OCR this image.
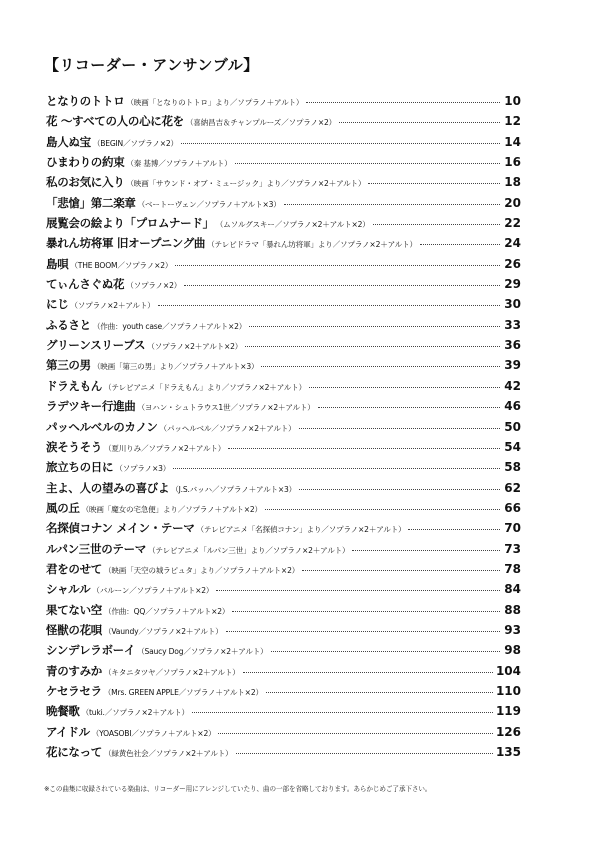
【リコーダー・アンサンブル】
となりのトトロ （映画「となりのトトロ」より／ソプラノ＋アルト）	10
花 〜すべての人の心に花を （喜納昌吉＆チャンプルーズ／ソプラノ×2）	12
島人ぬ宝 （BEGIN／ソプラノ×2）	14
ひまわりの約束 （秦 基博／ソプラノ＋アルト）	16
私のお気に入り （映画「サウンド・オブ・ミュージック」より／ソプラノ×2＋アルト）	18
「悲愴」第二楽章 （ベートーヴェン／ソプラノ＋アルト×3）	20
展覧会の絵より「プロムナード」 （ムソルグスキー／ソプラノ×2＋アルト×2）	22
暴れん坊将軍 旧オープニング曲 （テレビドラマ「暴れん坊将軍」より／ソプラノ×2＋アルト）	24
島唄 （THE BOOM／ソプラノ×2）	26
てぃんさぐぬ花 （ソプラノ×2）	29
にじ （ソプラノ×2＋アルト）	30
ふるさと （作曲：youth case／ソプラノ＋アルト×2）	33
グリーンスリーブス （ソプラノ×2＋アルト×2）	36
第三の男 （映画「第三の男」より／ソプラノ＋アルト×3）	39
ドラえもん （テレビアニメ「ドラえもん」より／ソプラノ×2＋アルト）	42
ラデツキー行進曲 （ヨハン・シュトラウス1世／ソプラノ×2＋アルト）	46
パッヘルベルのカノン （パッヘルベル／ソプラノ×2＋アルト）	50
涙そうそう （夏川りみ／ソプラノ×2＋アルト）	54
旅立ちの日に （ソプラノ×3）	58
主よ、人の望みの喜びよ （J.S.バッハ／ソプラノ＋アルト×3）	62
風の丘 （映画「魔女の宅急便」より／ソプラノ＋アルト×2）	66
名探偵コナン メイン・テーマ （テレビアニメ「名探偵コナン」より／ソプラノ×2＋アルト）	70
ルパン三世のテーマ （テレビアニメ「ルパン三世」より／ソプラノ×2＋アルト）	73
君をのせて （映画「天空の城ラピュタ」より／ソプラノ＋アルト×2）	78
シャルル （バルーン／ソプラノ＋アルト×2）	84
果てない空 （作曲：QQ／ソプラノ＋アルト×2）	88
怪獣の花唄 （Vaundy／ソプラノ×2＋アルト）	93
シンデレラボーイ （Saucy Dog／ソプラノ×2＋アルト）	98
青のすみか （キタニタツヤ／ソプラノ×2＋アルト）	104
ケセラセラ （Mrs. GREEN APPLE／ソプラノ＋アルト×2）	110
晩餐歌 （tuki.／ソプラノ×2＋アルト）	119
アイドル （YOASOBI／ソプラノ＋アルト×2）	126
花になって （緑黄色社会／ソプラノ×2＋アルト）	135
※この曲集に収録されている楽曲は、リコーダー用にアレンジしていたり、曲の一部を省略しております。あらかじめご了承下さい。
